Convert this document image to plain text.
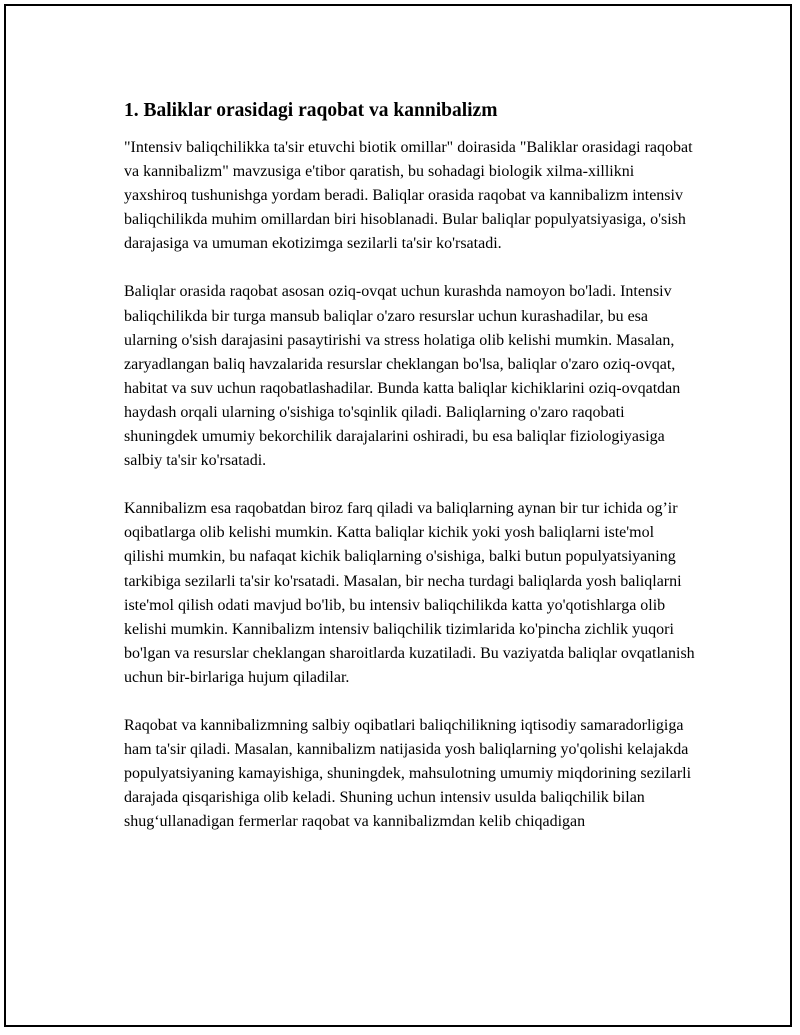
1. Baliklar orasidagi raqobat va kannibalizm

"Intensiv baliqchilikka ta'sir etuvchi biotik omillar" doirasida "Baliklar orasidagi raqobat va kannibalizm" mavzusiga e'tibor qaratish, bu sohadagi biologik xilma-xillikni yaxshiroq tushunishga yordam beradi. Baliqlar orasida raqobat va kannibalizm intensiv baliqchilikda muhim omillardan biri hisoblanadi. Bular baliqlar populyatsiyasiga, o'sish darajasiga va umuman ekotizimga sezilarli ta'sir ko'rsatadi.

Baliqlar orasida raqobat asosan oziq-ovqat uchun kurashda namoyon bo'ladi. Intensiv baliqchilikda bir turga mansub baliqlar o'zaro resurslar uchun kurashadilar, bu esa ularning o'sish darajasini pasaytirishi va stress holatiga olib kelishi mumkin. Masalan, zaryadlangan baliq havzalarida resurslar cheklangan bo'lsa, baliqlar o'zaro oziq-ovqat, habitat va suv uchun raqobatlashadilar. Bunda katta baliqlar kichiklarini oziq-ovqatdan haydash orqali ularning o'sishiga to'sqinlik qiladi. Baliqlarning o'zaro raqobati shuningdek umumiy bekorchilik darajalarini oshiradi, bu esa baliqlar fiziologiyasiga salbiy ta'sir ko'rsatadi.

Kannibalizm esa raqobatdan biroz farq qiladi va baliqlarning aynan bir tur ichida og’ir oqibatlarga olib kelishi mumkin. Katta baliqlar kichik yoki yosh baliqlarni iste'mol qilishi mumkin, bu nafaqat kichik baliqlarning o'sishiga, balki butun populyatsiyaning tarkibiga sezilarli ta'sir ko'rsatadi. Masalan, bir necha turdagi baliqlarda yosh baliqlarni iste'mol qilish odati mavjud bo'lib, bu intensiv baliqchilikda katta yo'qotishlarga olib kelishi mumkin. Kannibalizm intensiv baliqchilik tizimlarida ko'pincha zichlik yuqori bo'lgan va resurslar cheklangan sharoitlarda kuzatiladi. Bu vaziyatda baliqlar ovqatlanish uchun bir-birlariga hujum qiladilar.

Raqobat va kannibalizmning salbiy oqibatlari baliqchilikning iqtisodiy samaradorligiga ham ta'sir qiladi. Masalan, kannibalizm natijasida yosh baliqlarning yo'qolishi kelajakda populyatsiyaning kamayishiga, shuningdek, mahsulotning umumiy miqdorining sezilarli darajada qisqarishiga olib keladi. Shuning uchun intensiv usulda baliqchilik bilan shug‘ullanadigan fermerlar raqobat va kannibalizmdan kelib chiqadigan
